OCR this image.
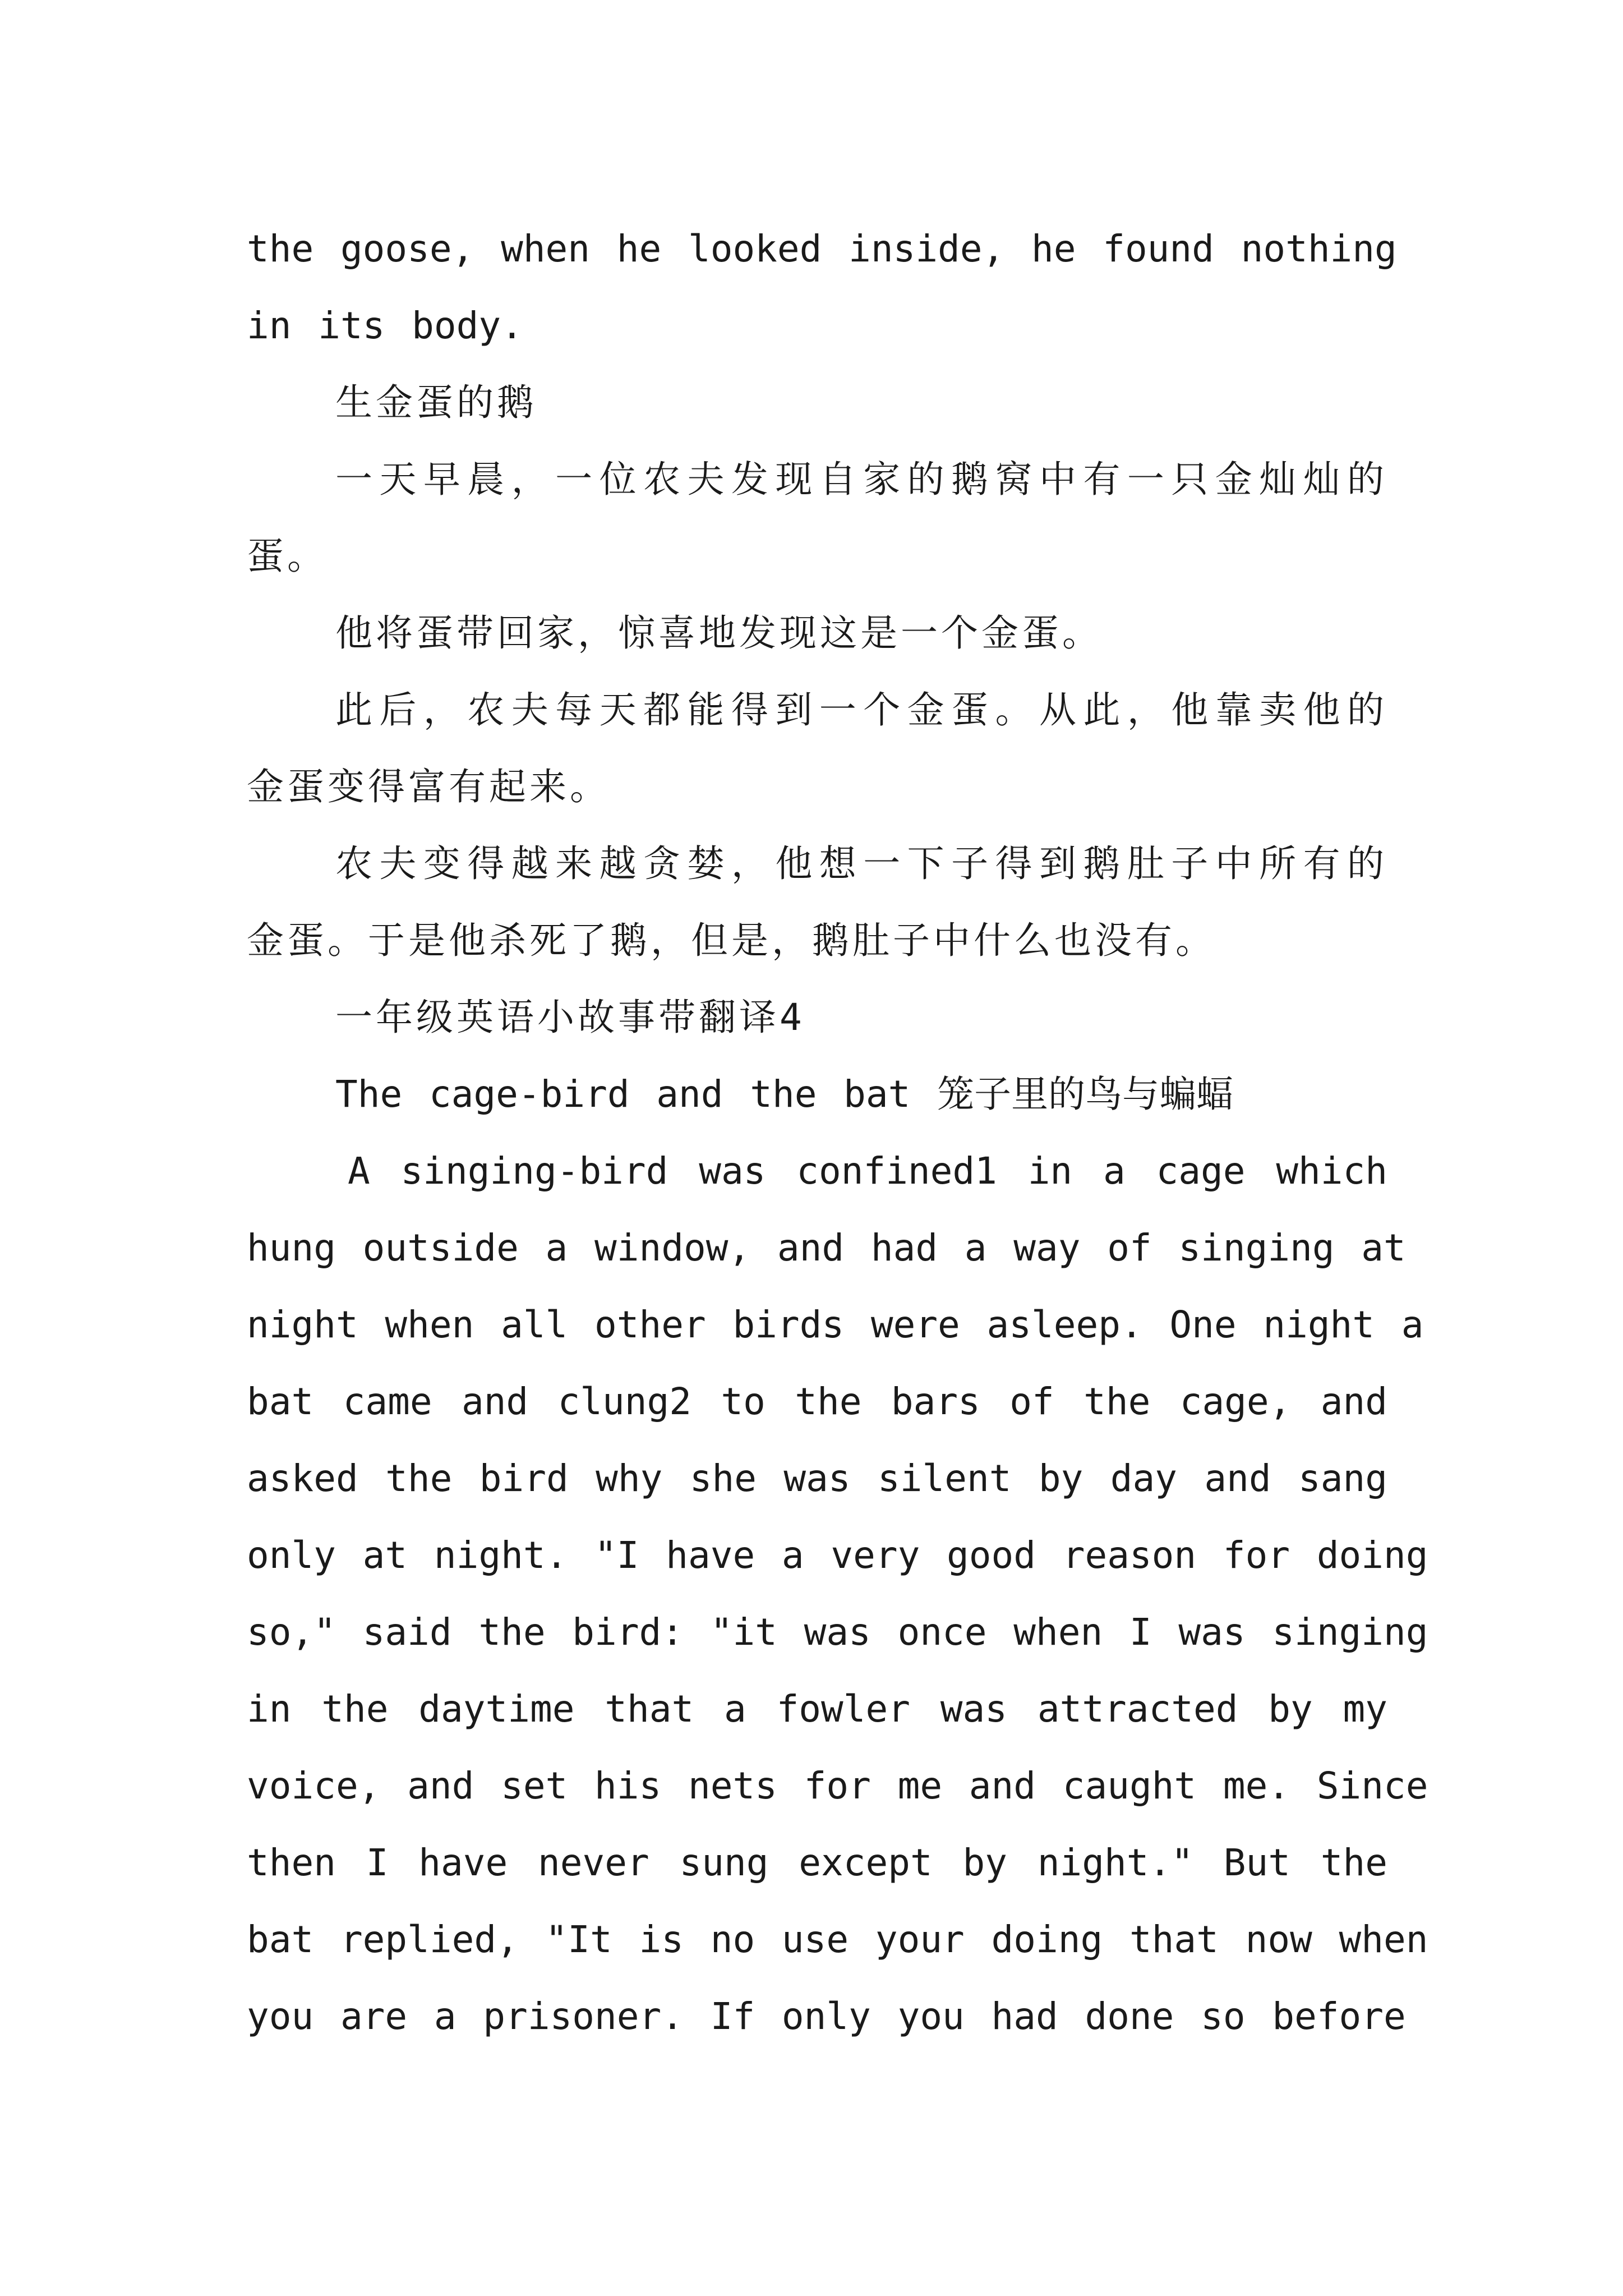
the goose, when he looked inside, he found nothing
in its body.
生金蛋的鹅
一天早晨，一位农夫发现自家的鹅窝中有一只金灿灿的
蛋。
他将蛋带回家，惊喜地发现这是一个金蛋。
此后，农夫每天都能得到一个金蛋。从此，他靠卖他的
金蛋变得富有起来。
农夫变得越来越贪婪，他想一下子得到鹅肚子中所有的
金蛋。于是他杀死了鹅，但是，鹅肚子中什么也没有。
一年级英语小故事带翻译4
The cage-bird and the bat 笼子里的鸟与蝙蝠
A singing-bird was confined1 in a cage which
hung outside a window, and had a way of singing at
night when all other birds were asleep. One night a
bat came and clung2 to the bars of the cage, and
asked the bird why she was silent by day and sang
only at night. "I have a very good reason for doing
so," said the bird: "it was once when I was singing
in the daytime that a fowler was attracted by my
voice, and set his nets for me and caught me. Since
then I have never sung except by night." But the
bat replied, "It is no use your doing that now when
you are a prisoner. If only you had done so before
